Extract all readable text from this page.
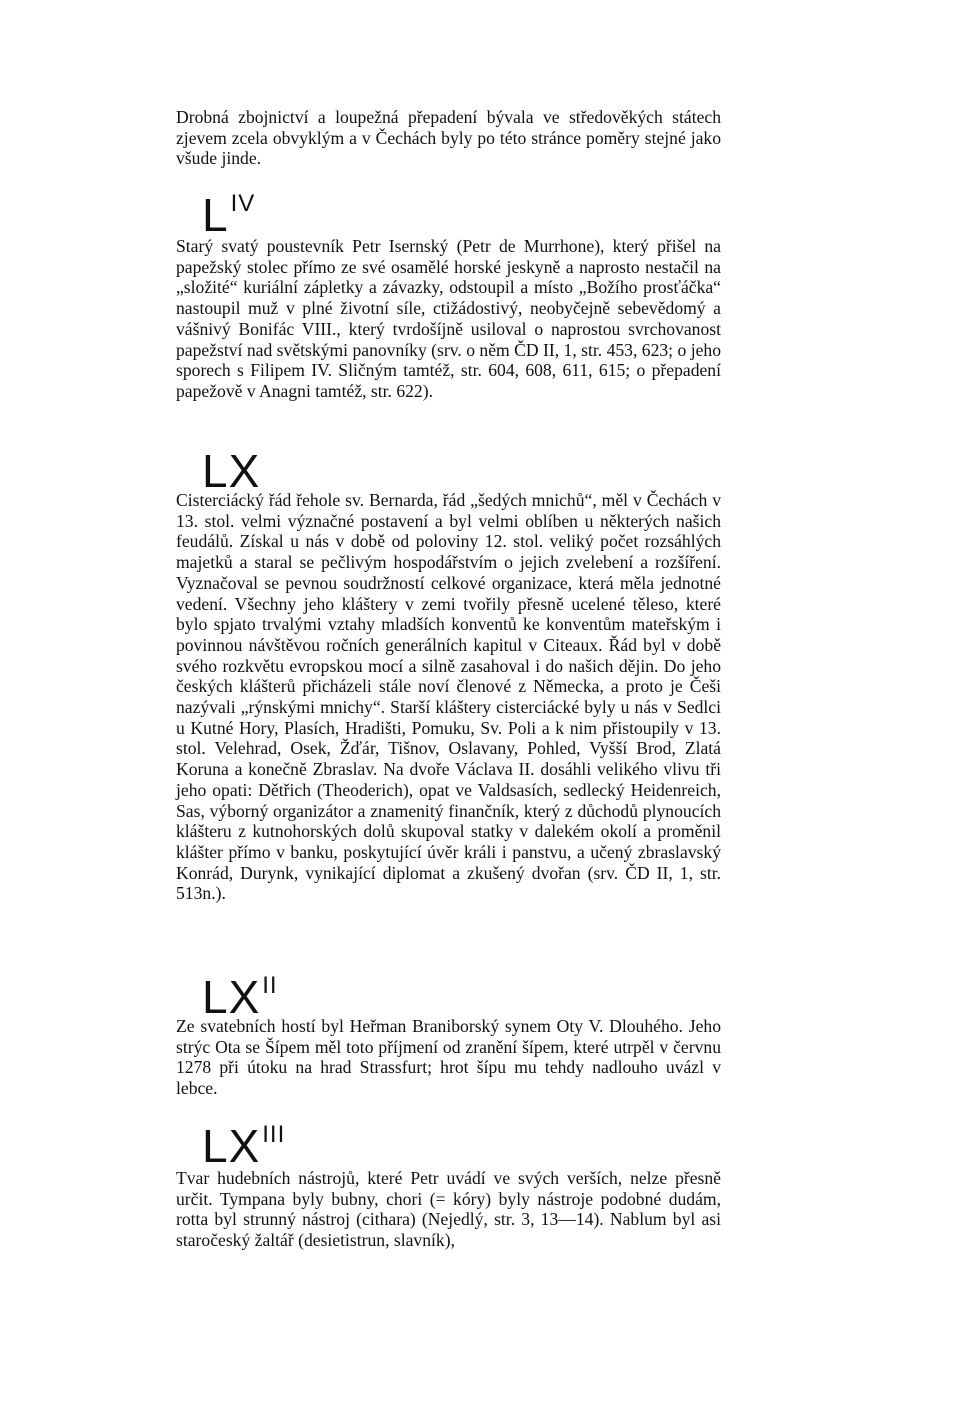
Drobná zbojnictví a loupežná přepadení bývala ve středověkých státech zjevem zcela obvyklým a v Čechách byly po této stránce poměry stejné jako všude jinde.

LIV

Starý svatý poustevník Petr Isernský (Petr de Murrhone), který přišel na papežský stolec přímo ze své osamělé horské jeskyně a naprosto nestačil na „složité“ kuriální zápletky a závazky, odstoupil a místo „Božího prosťáčka“ nastoupil muž v plné životní síle, ctižádostivý, neobyčejně sebevědomý a vášnivý Bonifác VIII., který tvrdošíjně usiloval o naprostou svrchovanost papežství nad světskými panovníky (srv. o něm ČD II, 1, str. 453, 623; o jeho sporech s Filipem IV. Sličným tamtéž, str. 604, 608, 611, 615; o přepadení papežově v Anagni tamtéž, str. 622).

LX

Cisterciácký řád řehole sv. Bernarda, řád „šedých mnichů“, měl v Čechách v 13. stol. velmi význačné postavení a byl velmi oblíben u některých našich feudálů. Získal u nás v době od poloviny 12. stol. veliký počet rozsáhlých majetků a staral se pečlivým hospodářstvím o jejich zvelebení a rozšíření. Vyznačoval se pevnou soudržností celkové organizace, která měla jednotné vedení. Všechny jeho kláštery v zemi tvořily přesně ucelené těleso, které bylo spjato trvalými vztahy mladších konventů ke konventům mateřským i povinnou návštěvou ročních generálních kapitul v Citeaux. Řád byl v době svého rozkvětu evropskou mocí a silně zasahoval i do našich dějin. Do jeho českých klášterů přicházeli stále noví členové z Německa, a proto je Češi nazývali „rýnskými mnichy“. Starší kláštery cisterciácké byly u nás v Sedlci u Kutné Hory, Plasích, Hradišti, Pomuku, Sv. Poli a k nim přistoupily v 13. stol. Velehrad, Osek, Žďár, Tišnov, Oslavany, Pohled, Vyšší Brod, Zlatá Koruna a konečně Zbraslav. Na dvoře Václava II. dosáhli velikého vlivu tři jeho opati: Dětřich (Theoderich), opat ve Valdsasích, sedlecký Heidenreich, Sas, výborný organizátor a znamenitý finančník, který z důchodů plynoucích klášteru z kutnohorských dolů skupoval statky v dalekém okolí a proměnil klášter přímo v banku, poskytující úvěr králi i panstvu, a učený zbraslavský Konrád, Durynk, vynikající diplomat a zkušený dvořan (srv. ČD II, 1, str. 513n.).

LXII

Ze svatebních hostí byl Heřman Braniborský synem Oty V. Dlouhého. Jeho strýc Ota se Šípem měl toto příjmení od zranění šípem, které utrpěl v červnu 1278 při útoku na hrad Strassfurt; hrot šípu mu tehdy nadlouho uvázl v lebce.

LXIII

Tvar hudebních nástrojů, které Petr uvádí ve svých verších, nelze přesně určit. Tympana byly bubny, chori (= kóry) byly nástroje podobné dudám, rotta byl strunný nástroj (cithara) (Nejedlý, str. 3, 13—14). Nablum byl asi staročeský žaltář (desietistrun, slavník),
